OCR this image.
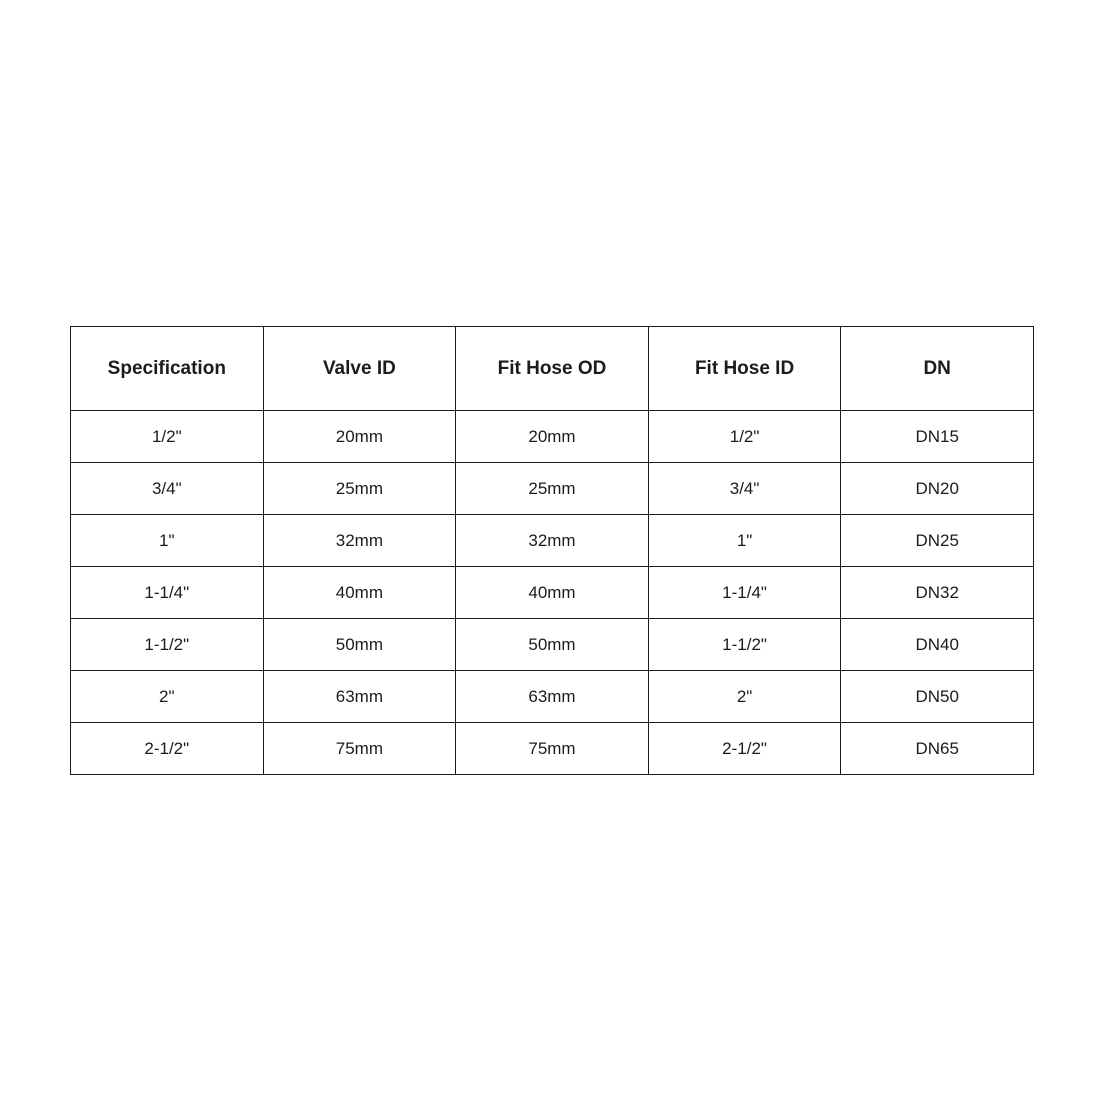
Specification	Valve ID	Fit Hose OD	Fit Hose ID	DN
1/2"	20mm	20mm	1/2"	DN15
3/4"	25mm	25mm	3/4"	DN20
1"	32mm	32mm	1"	DN25
1-1/4"	40mm	40mm	1-1/4"	DN32
1-1/2"	50mm	50mm	1-1/2"	DN40
2"	63mm	63mm	2"	DN50
2-1/2"	75mm	75mm	2-1/2"	DN65
